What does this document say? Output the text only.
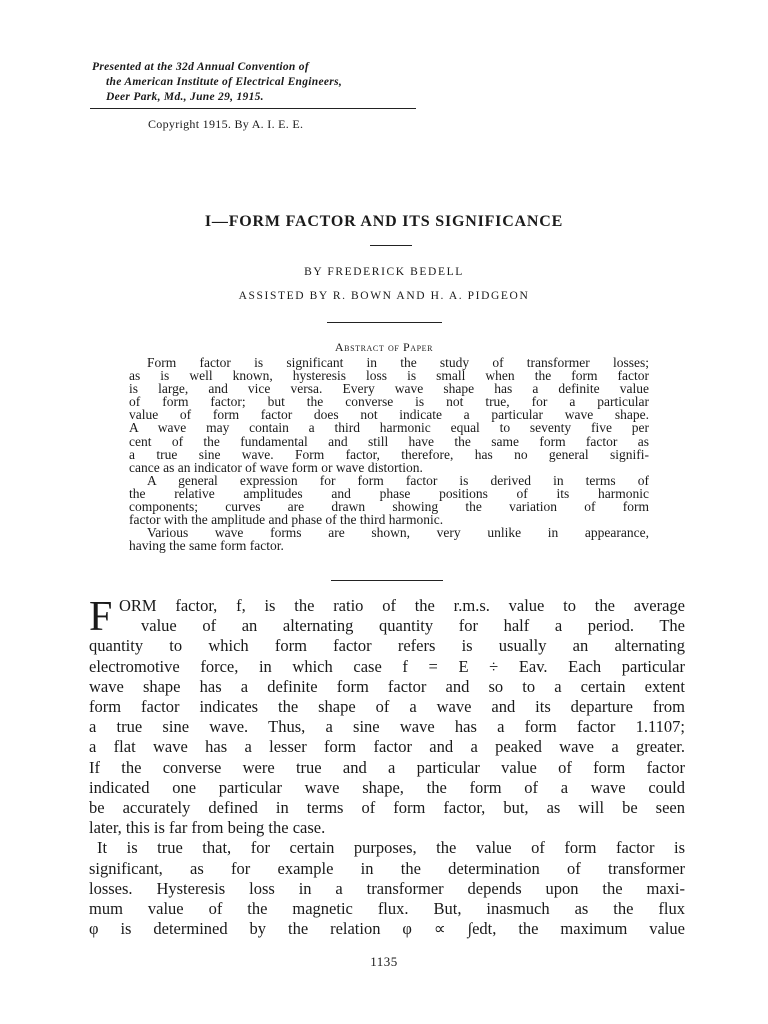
Presented at the 32d Annual Convention of
the American Institute of Electrical Engineers,
Deer Park, Md., June 29, 1915.
Copyright 1915. By A. I. E. E.
I—FORM FACTOR AND ITS SIGNIFICANCE
BY FREDERICK BEDELL
ASSISTED BY R. BOWN AND H. A. PIDGEON
Abstract of Paper
Form factor is significant in the study of transformer losses;
as is well known, hysteresis loss is small when the form factor
is large, and vice versa. Every wave shape has a definite value
of form factor; but the converse is not true, for a particular
value of form factor does not indicate a particular wave shape.
A wave may contain a third harmonic equal to seventy five per
cent of the fundamental and still have the same form factor as
a true sine wave. Form factor, therefore, has no general signifi-
cance as an indicator of wave form or wave distortion.
A general expression for form factor is derived in terms of
the relative amplitudes and phase positions of its harmonic
components; curves are drawn showing the variation of form
factor with the amplitude and phase of the third harmonic.
Various wave forms are shown, very unlike in appearance,
having the same form factor.
F ORM factor, f, is the ratio of the r.m.s. value to the average
value of an alternating quantity for half a period. The
quantity to which form factor refers is usually an alternating
electromotive force, in which case f = E ÷ Eav. Each particular
wave shape has a definite form factor and so to a certain extent
form factor indicates the shape of a wave and its departure from
a true sine wave. Thus, a sine wave has a form factor 1.1107;
a flat wave has a lesser form factor and a peaked wave a greater.
If the converse were true and a particular value of form factor
indicated one particular wave shape, the form of a wave could
be accurately defined in terms of form factor, but, as will be seen
later, this is far from being the case.
It is true that, for certain purposes, the value of form factor is
significant, as for example in the determination of transformer
losses. Hysteresis loss in a transformer depends upon the maxi-
mum value of the magnetic flux. But, inasmuch as the flux
φ is determined by the relation φ ∝ ∫edt, the maximum value
1135
